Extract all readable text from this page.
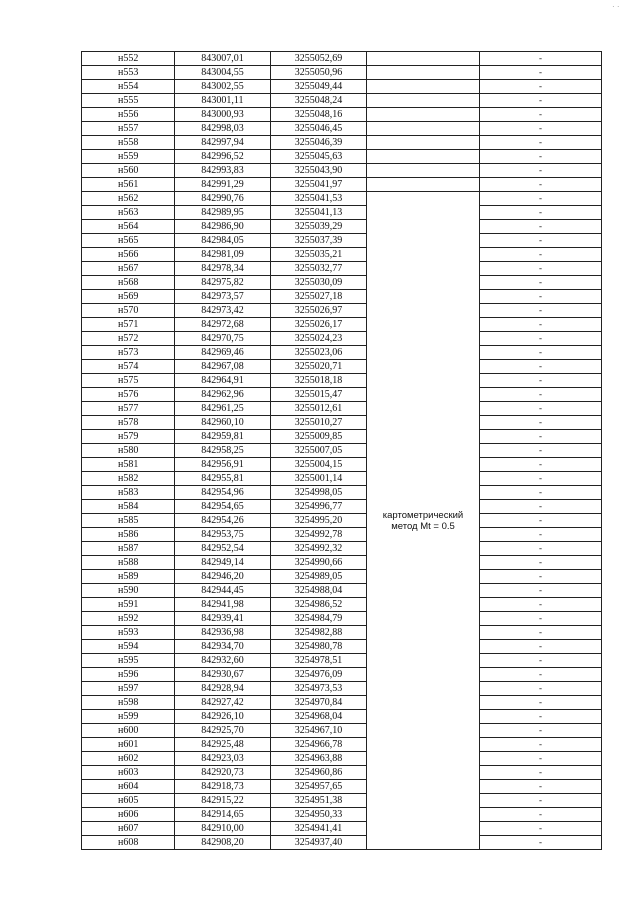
· ·
н552	843007,01	3255052,69		-
н553	843004,55	3255050,96		-
н554	843002,55	3255049,44		-
н555	843001,11	3255048,24		-
н556	843000,93	3255048,16		-
н557	842998,03	3255046,45		-
н558	842997,94	3255046,39		-
н559	842996,52	3255045,63		-
н560	842993,83	3255043,90		-
н561	842991,29	3255041,97		-
н562	842990,76	3255041,53	картометрический метод Mt = 0.5	-
н563	842989,95	3255041,13		-
н564	842986,90	3255039,29		-
н565	842984,05	3255037,39		-
н566	842981,09	3255035,21		-
н567	842978,34	3255032,77		-
н568	842975,82	3255030,09		-
н569	842973,57	3255027,18		-
н570	842973,42	3255026,97		-
н571	842972,68	3255026,17		-
н572	842970,75	3255024,23		-
н573	842969,46	3255023,06		-
н574	842967,08	3255020,71		-
н575	842964,91	3255018,18		-
н576	842962,96	3255015,47		-
н577	842961,25	3255012,61		-
н578	842960,10	3255010,27		-
н579	842959,81	3255009,85		-
н580	842958,25	3255007,05		-
н581	842956,91	3255004,15		-
н582	842955,81	3255001,14		-
н583	842954,96	3254998,05		-
н584	842954,65	3254996,77		-
н585	842954,26	3254995,20		-
н586	842953,75	3254992,78		-
н587	842952,54	3254992,32		-
н588	842949,14	3254990,66		-
н589	842946,20	3254989,05		-
н590	842944,45	3254988,04		-
н591	842941,98	3254986,52		-
н592	842939,41	3254984,79		-
н593	842936,98	3254982,88		-
н594	842934,70	3254980,78		-
н595	842932,60	3254978,51		-
н596	842930,67	3254976,09		-
н597	842928,94	3254973,53		-
н598	842927,42	3254970,84		-
н599	842926,10	3254968,04		-
н600	842925,70	3254967,10		-
н601	842925,48	3254966,78		-
н602	842923,03	3254963,88		-
н603	842920,73	3254960,86		-
н604	842918,73	3254957,65		-
н605	842915,22	3254951,38		-
н606	842914,65	3254950,33		-
н607	842910,00	3254941,41		-
н608	842908,20	3254937,40		-
